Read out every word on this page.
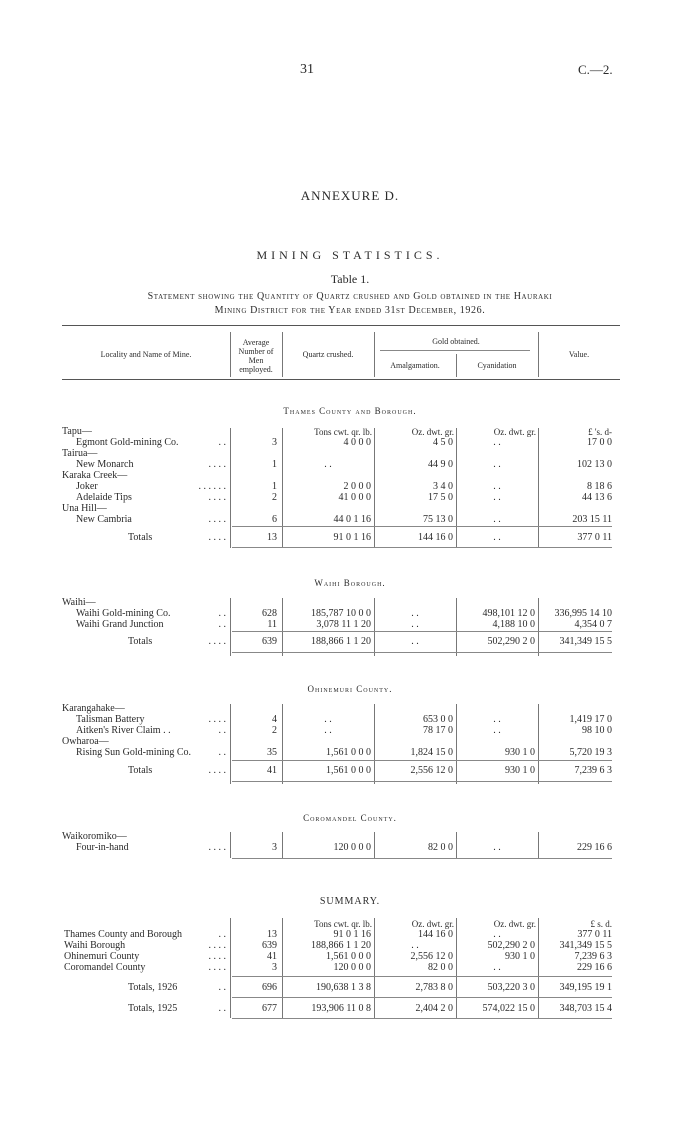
31	C.—2.
ANNEXURE D.
MINING STATISTICS.
Table 1.
Statement showing the Quantity of Quartz crushed and Gold obtained in the Hauraki
Mining District for the Year ended 31st December, 1926.
Locality and Name of Mine.
Average
Number of
Men
employed.
Quartz crushed.
Gold obtained.
Amalgamation.	Cyanidation
Value.
Thames County and Borough.
Tons cwt. qr. lb.	Oz. dwt. gr.	Oz. dwt. gr.	£ 's. d-
Tapu—
Egmont Gold-mining Co.	. .	3	4 0 0 0	4 5 0	. .	17 0 0
Tairua—
New Monarch	. . . .	1	. .	44 9 0	. .	102 13 0
Karaka Creek—
Joker	. . . . . .	1	2 0 0 0	3 4 0	. .	8 18 6
Adelaide Tips	. . . .	2	41 0 0 0	17 5 0	. .	44 13 6
Una Hill—
New Cambria	. . . .	6	44 0 1 16	75 13 0	. .	203 15 11
Totals	. . . .	13	91 0 1 16	144 16 0	. .	377 0 11
Waihi Borough.
Waihi—
Waihi Gold-mining Co.	. .	628	185,787 10 0 0	. .	498,101 12 0	336,995 14 10
Waihi Grand Junction	. .	11	3,078 11 1 20	. .	4,188 10 0	4,354 0 7
Totals	. . . .	639	188,866 1 1 20	. .	502,290 2 0	341,349 15 5
Ohinemuri County.
Karangahake—
Talisman Battery	. . . .	4	. .	653 0 0	. .	1,419 17 0
Aitken's River Claim . .	. .	2	. .	78 17 0	. .	98 10 0
Owharoa—
Rising Sun Gold-mining Co.	. .	35	1,561 0 0 0	1,824 15 0	930 1 0	5,720 19 3
Totals	. . . .	41	1,561 0 0 0	2,556 12 0	930 1 0	7,239 6 3
Coromandel County.
Waikoromiko—
Four-in-hand	. . . .	3	120 0 0 0	82 0 0	. .	229 16 6
SUMMARY.
Tons cwt. qr. lb.	Oz. dwt. gr.	Oz. dwt. gr.	£ s. d.
Thames County and Borough	. .	13	91 0 1 16	144 16 0	. .	377 0 11
Waihi Borough	. . . .	639	188,866 1 1 20	. .	502,290 2 0	341,349 15 5
Ohinemuri County	. . . .	41	1,561 0 0 0	2,556 12 0	930 1 0	7,239 6 3
Coromandel County	. . . .	3	120 0 0 0	82 0 0	. .	229 16 6
Totals, 1926	. .	696	190,638 1 3 8	2,783 8 0	503,220 3 0	349,195 19 1
Totals, 1925	. .	677	193,906 11 0 8	2,404 2 0	574,022 15 0	348,703 15 4
